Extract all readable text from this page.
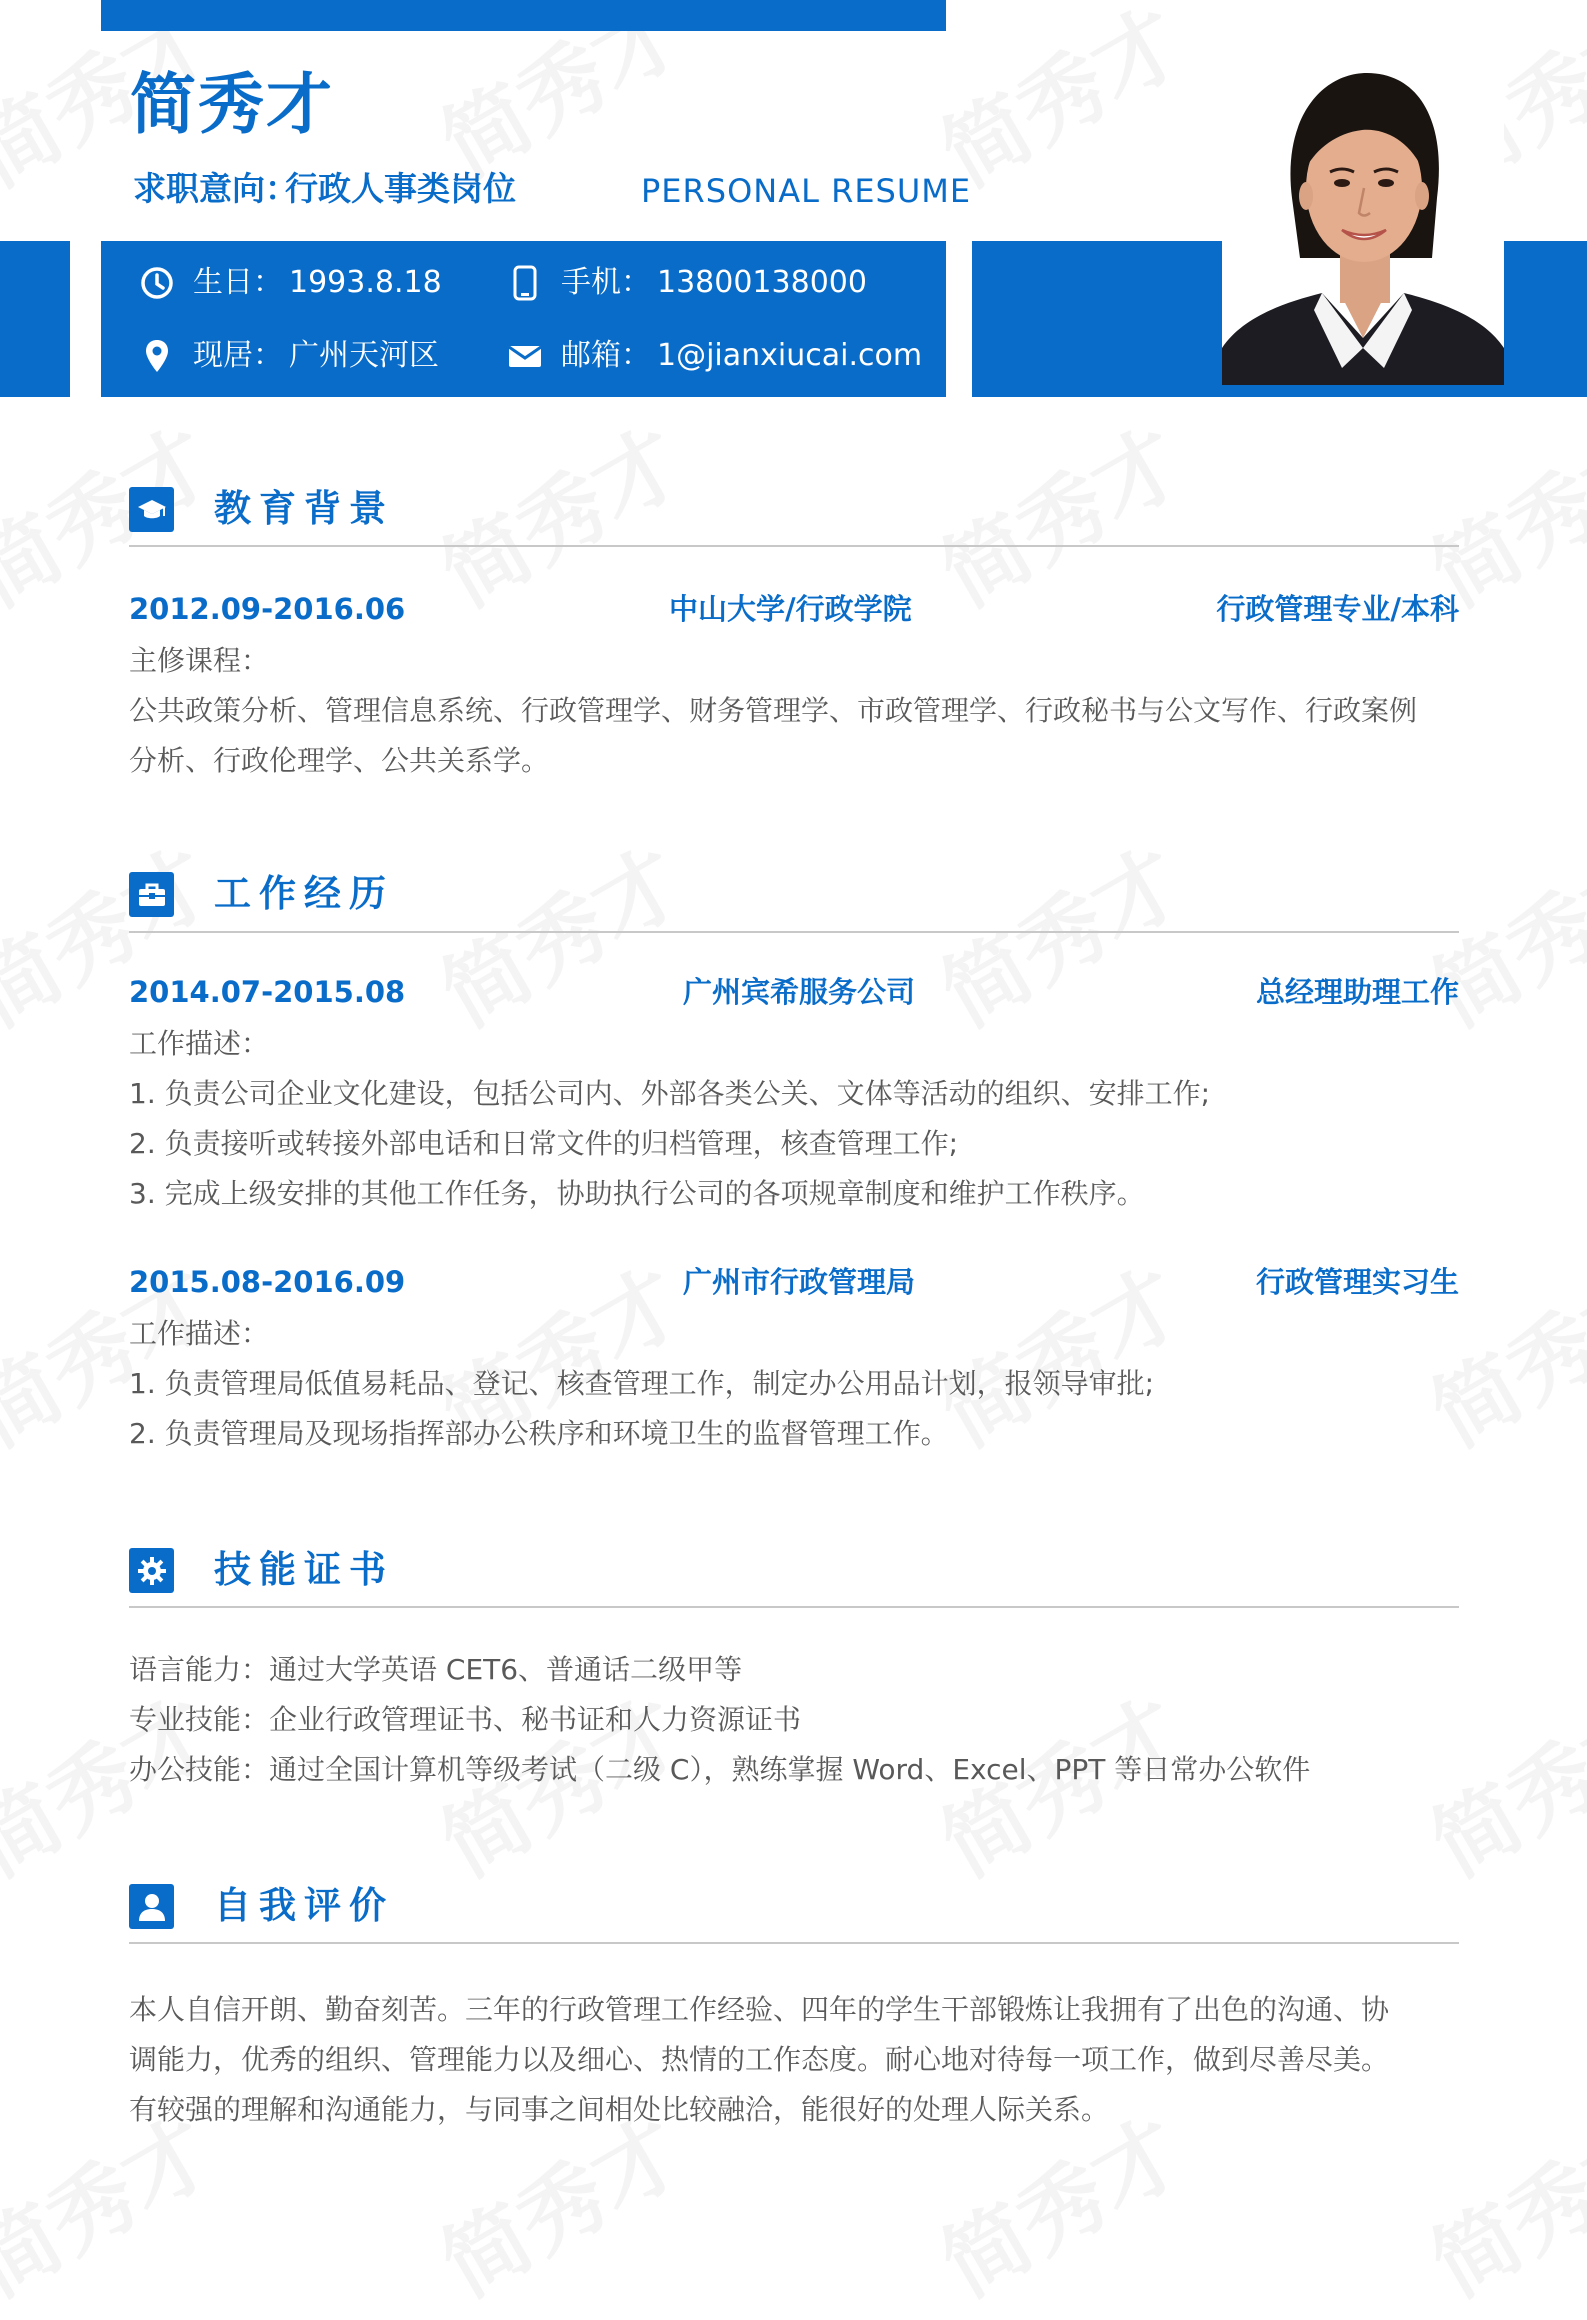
简秀才
求职意向：
行政人事类岗位	PERSONAL RESUME
生日： 1993.8.18	手机： 13800138000
现居： 广州天河区	邮箱： 1@jianxiucai.com
教育背景
2012.09-2016.06	中山大学/行政学院	行政管理专业/本科
主修课程：
公共政策分析、管理信息系统、行政管理学、财务管理学、市政管理学、行政秘书与公文写作、行政案例
分析、行政伦理学、公共关系学。
工作经历
2014.07-2015.08	广州宾希服务公司	总经理助理工作
工作描述：
1. 负责公司企业文化建设，包括公司内、外部各类公关、文体等活动的组织、安排工作;
2. 负责接听或转接外部电话和日常文件的归档管理，核查管理工作;
3. 完成上级安排的其他工作任务，协助执行公司的各项规章制度和维护工作秩序。
2015.08-2016.09	广州市行政管理局	行政管理实习生
工作描述：
1. 负责管理局低值易耗品、登记、核查管理工作，制定办公用品计划，报领导审批;
2. 负责管理局及现场指挥部办公秩序和环境卫生的监督管理工作。
技能证书
语言能力：通过大学英语 CET6、普通话二级甲等
专业技能：企业行政管理证书、秘书证和人力资源证书
办公技能：通过全国计算机等级考试（二级 C），熟练掌握 Word、Excel、PPT 等日常办公软件
自我评价
本人自信开朗、勤奋刻苦。三年的行政管理工作经验、四年的学生干部锻炼让我拥有了出色的沟通、协
调能力，优秀的组织、管理能力以及细心、热情的工作态度。耐心地对待每一项工作，做到尽善尽美。
有较强的理解和沟通能力，与同事之间相处比较融洽，能很好的处理人际关系。
